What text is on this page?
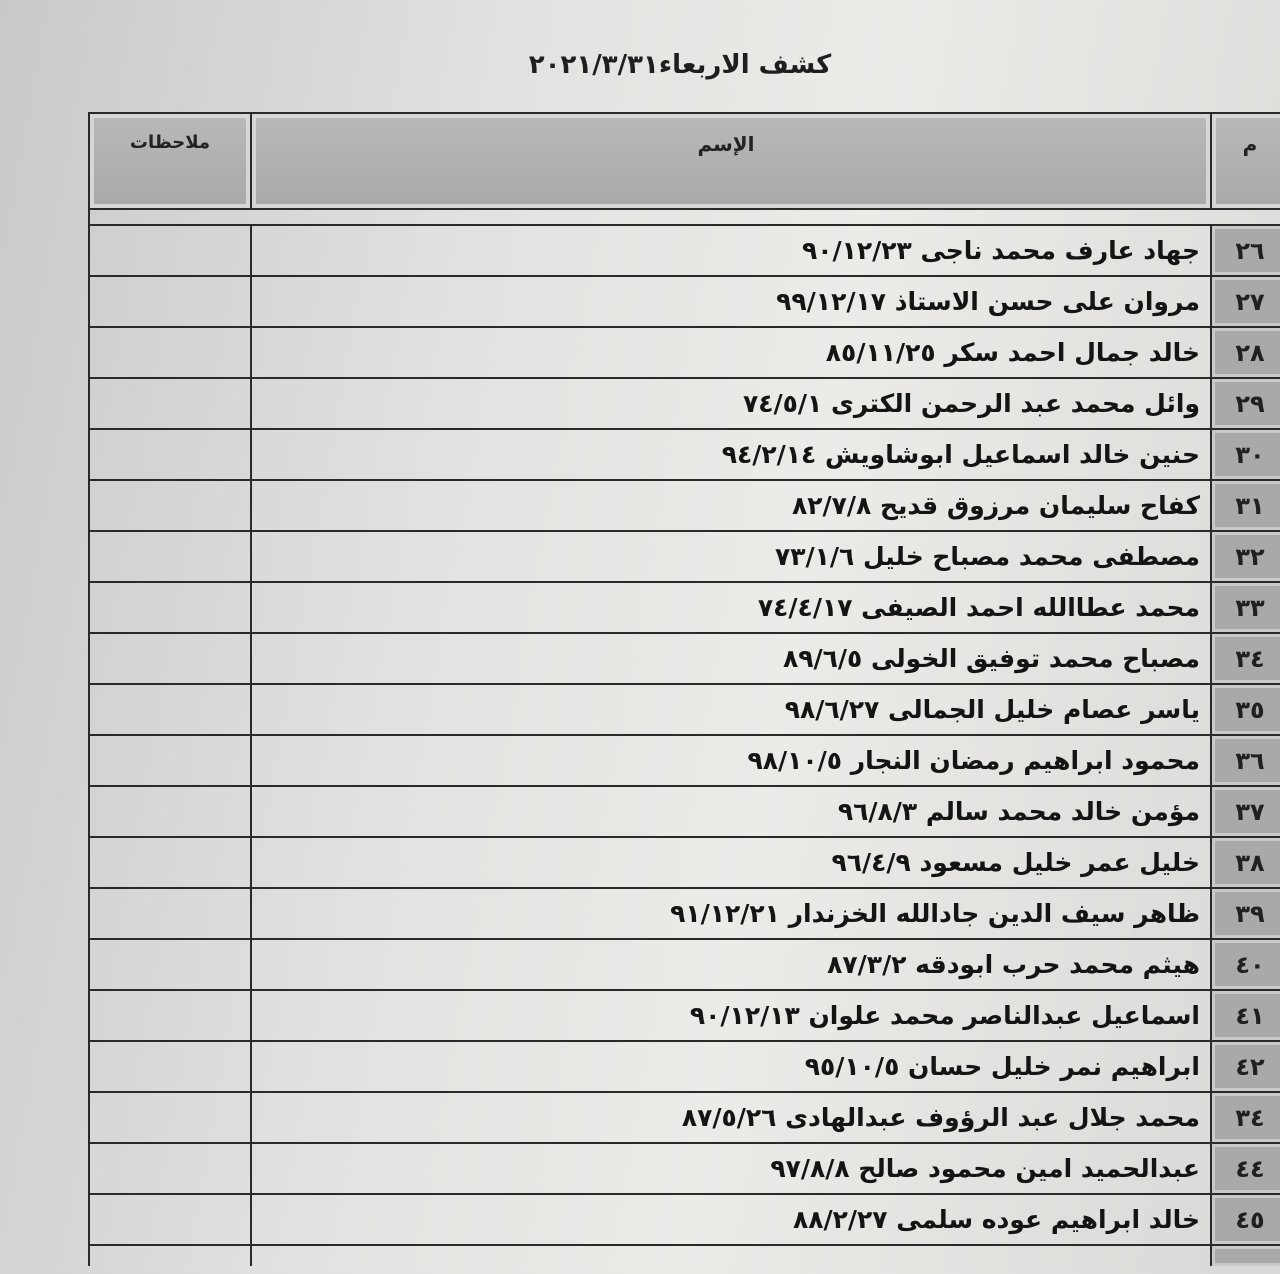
كشف الاربعاء٢٠٢١/٣/٣١
م	الإسم	ملاحظات

٢٦	جهاد عارف محمد ناجى ٩٠/١٢/٢٣	
٢٧	مروان على حسن الاستاذ ٩٩/١٢/١٧	
٢٨	خالد جمال احمد سكر ٨٥/١١/٢٥	
٢٩	وائل محمد عبد الرحمن الكترى ٧٤/٥/١	
٣٠	حنين خالد اسماعيل ابوشاويش ٩٤/٢/١٤	
٣١	كفاح سليمان مرزوق قديح ٨٢/٧/٨	
٣٢	مصطفى محمد مصباح خليل ٧٣/١/٦	
٣٣	محمد عطاالله احمد الصيفى ٧٤/٤/١٧	
٣٤	مصباح محمد توفيق الخولى ٨٩/٦/٥	
٣٥	ياسر عصام خليل الجمالى ٩٨/٦/٢٧	
٣٦	محمود ابراهيم رمضان النجار ٩٨/١٠/٥	
٣٧	مؤمن خالد محمد سالم ٩٦/٨/٣	
٣٨	خليل عمر خليل مسعود ٩٦/٤/٩	
٣٩	ظاهر سيف الدين جادالله الخزندار ٩١/١٢/٢١	
٤٠	هيثم محمد حرب ابودقه ٨٧/٣/٢	
٤١	اسماعيل عبدالناصر محمد علوان ٩٠/١٢/١٣	
٤٢	ابراهيم نمر خليل حسان ٩٥/١٠/٥	
٣٤	محمد جلال عبد الرؤوف عبدالهادى ٨٧/٥/٢٦	
٤٤	عبدالحميد امين محمود صالح ٩٧/٨/٨	
٤٥	خالد ابراهيم عوده سلمى ٨٨/٢/٢٧	
